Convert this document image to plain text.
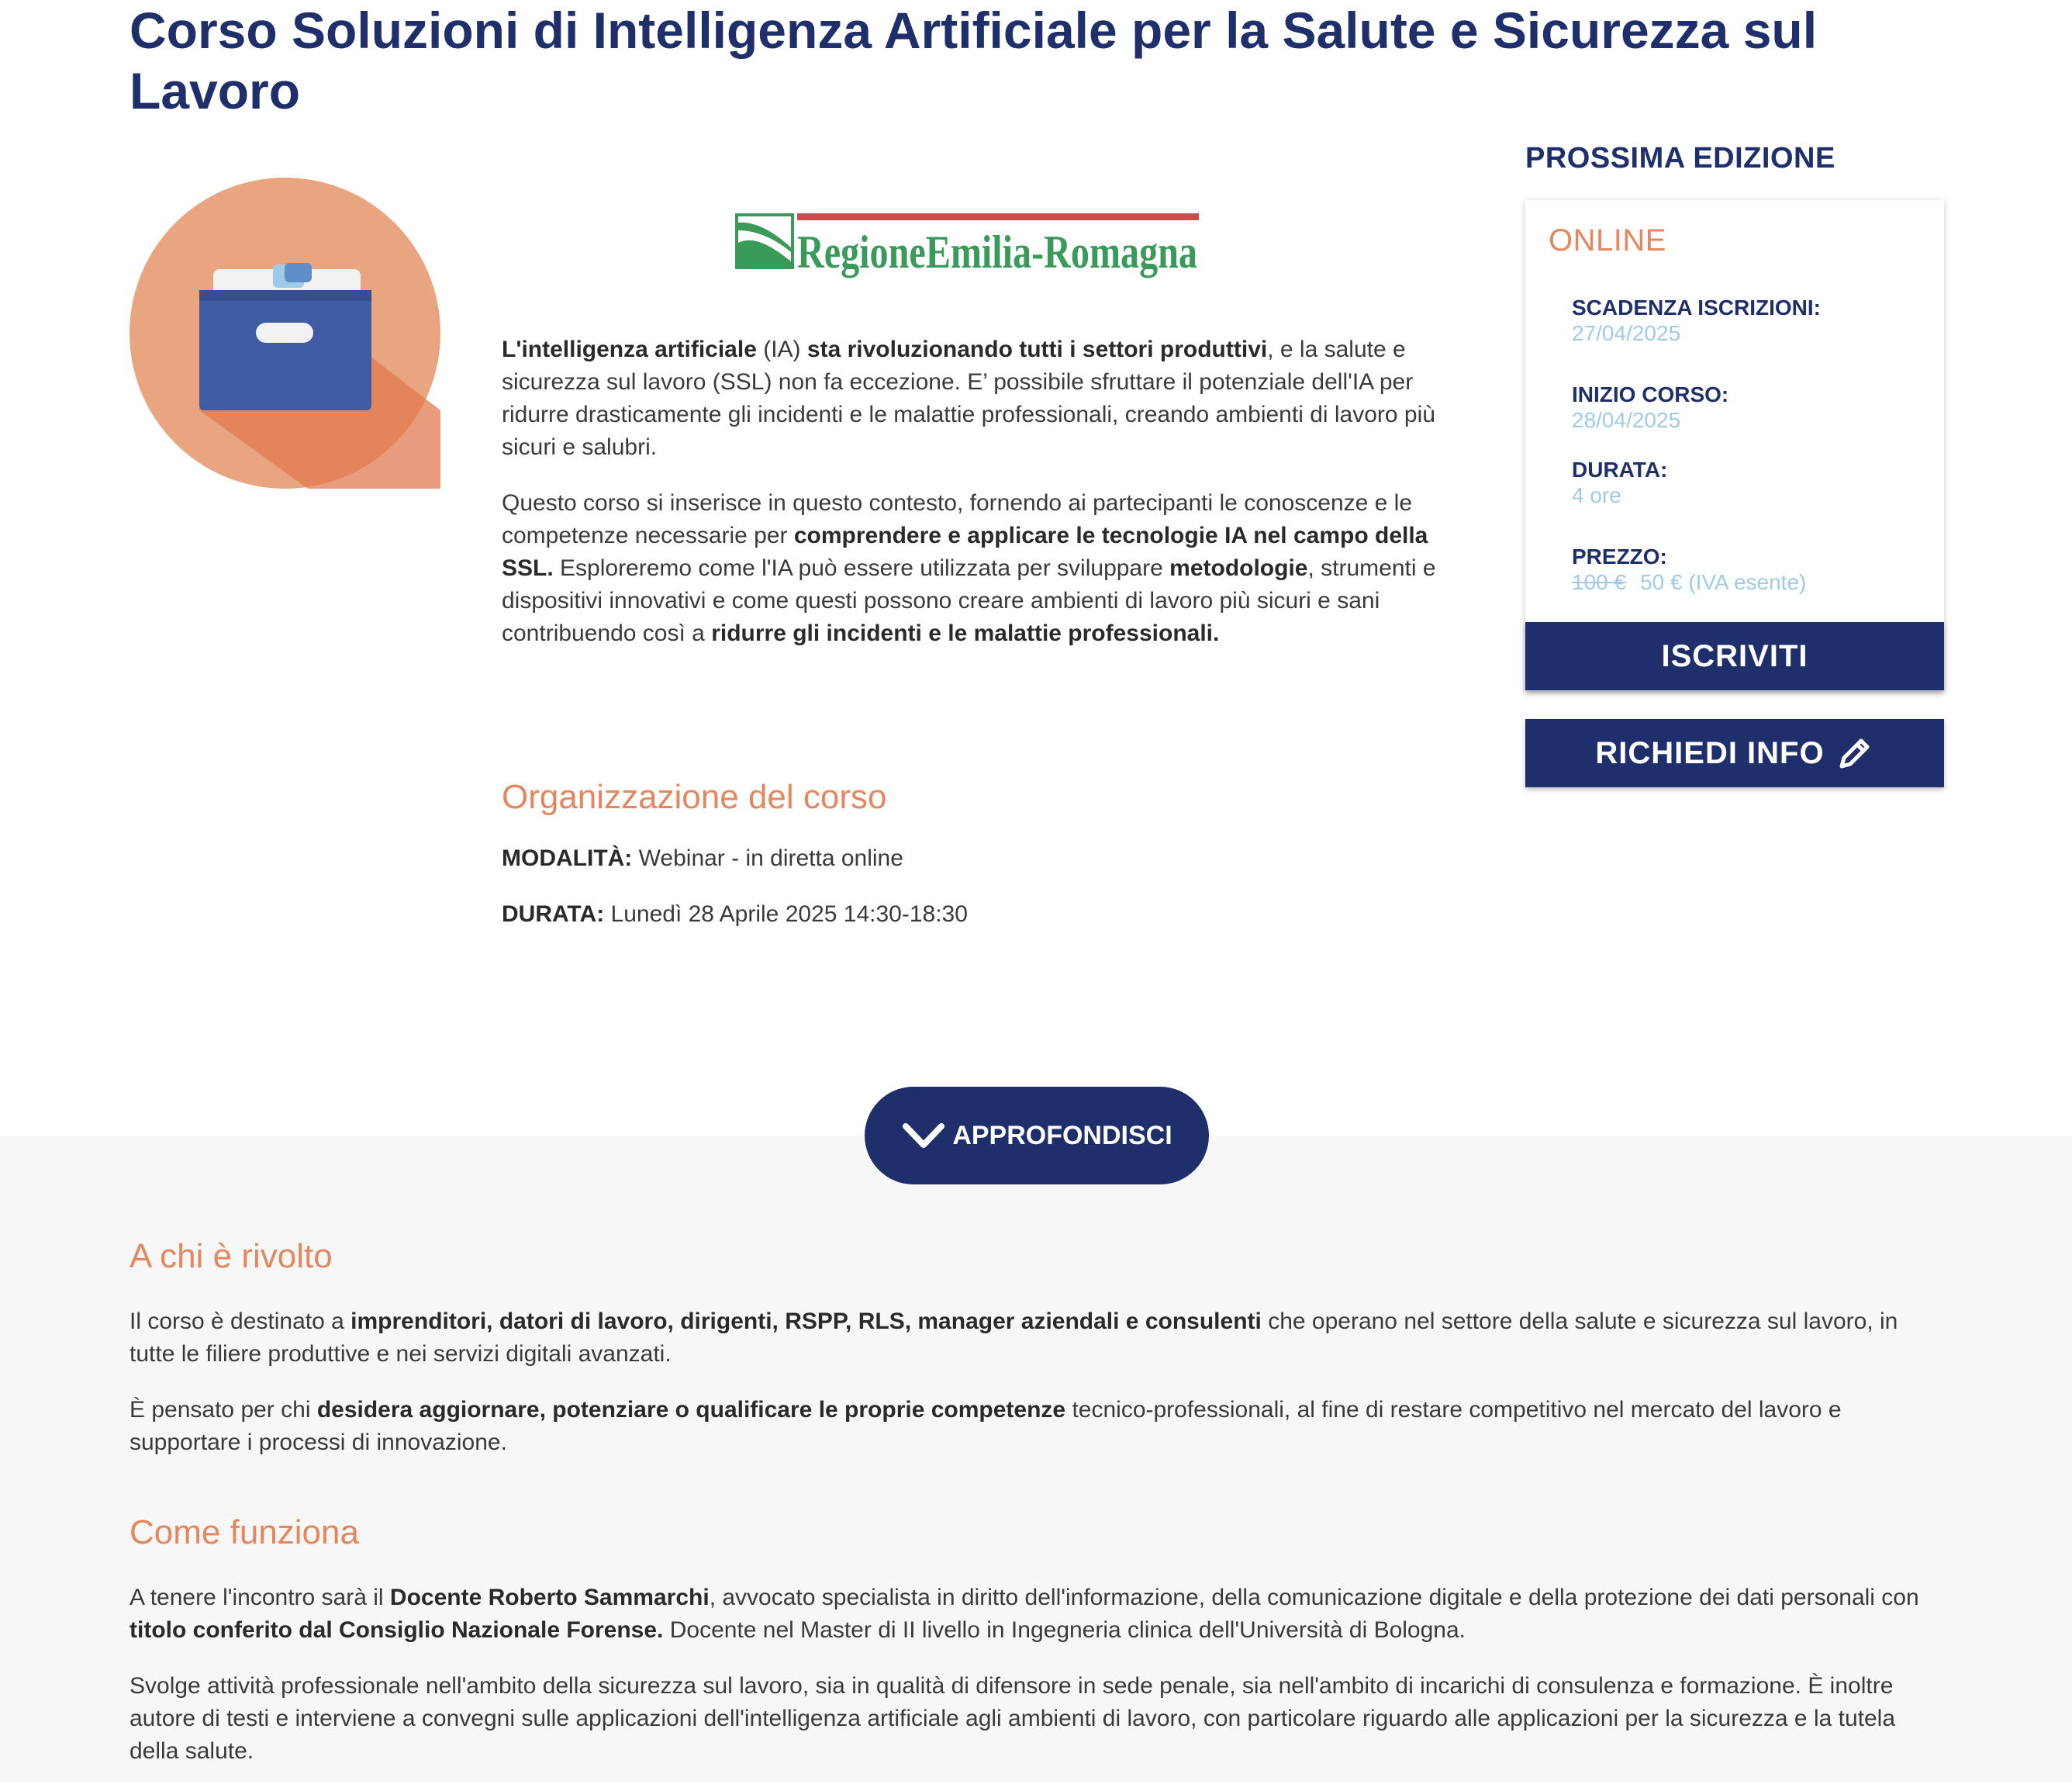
Corso Soluzioni di Intelligenza Artificiale per la Salute e Sicurezza sul Lavoro
RegioneEmilia-Romagna

L'intelligenza artificiale (IA) sta rivoluzionando tutti i settori produttivi, e la salute e sicurezza sul lavoro (SSL) non fa eccezione. E’ possibile sfruttare il potenziale dell'IA per ridurre drasticamente gli incidenti e le malattie professionali, creando ambienti di lavoro più sicuri e salubri.

Questo corso si inserisce in questo contesto, fornendo ai partecipanti le conoscenze e le competenze necessarie per comprendere e applicare le tecnologie IA nel campo della SSL. Esploreremo come l'IA può essere utilizzata per sviluppare metodologie, strumenti e dispositivi innovativi e come questi possono creare ambienti di lavoro più sicuri e sani contribuendo così a ridurre gli incidenti e le malattie professionali.

Organizzazione del corso
MODALITÀ: Webinar - in diretta online
DURATA: Lunedì 28 Aprile 2025 14:30-18:30
PROSSIMA EDIZIONE
ONLINE
SCADENZA ISCRIZIONI:
27/04/2025
INIZIO CORSO:
28/04/2025
DURATA:
4 ore
PREZZO:
100 € 50 € (IVA esente)
ISCRIVITI
RICHIEDI INFO
APPROFONDISCI
A chi è rivolto

Il corso è destinato a imprenditori, datori di lavoro, dirigenti, RSPP, RLS, manager aziendali e consulenti che operano nel settore della salute e sicurezza sul lavoro, in tutte le filiere produttive e nei servizi digitali avanzati.

È pensato per chi desidera aggiornare, potenziare o qualificare le proprie competenze tecnico-professionali, al fine di restare competitivo nel mercato del lavoro e supportare i processi di innovazione.

Come funziona

A tenere l'incontro sarà il Docente Roberto Sammarchi, avvocato specialista in diritto dell'informazione, della comunicazione digitale e della protezione dei dati personali con titolo conferito dal Consiglio Nazionale Forense. Docente nel Master di II livello in Ingegneria clinica dell'Università di Bologna.

Svolge attività professionale nell'ambito della sicurezza sul lavoro, sia in qualità di difensore in sede penale, sia nell'ambito di incarichi di consulenza e formazione. È inoltre autore di testi e interviene a convegni sulle applicazioni dell'intelligenza artificiale agli ambienti di lavoro, con particolare riguardo alle applicazioni per la sicurezza e la tutela della salute.
